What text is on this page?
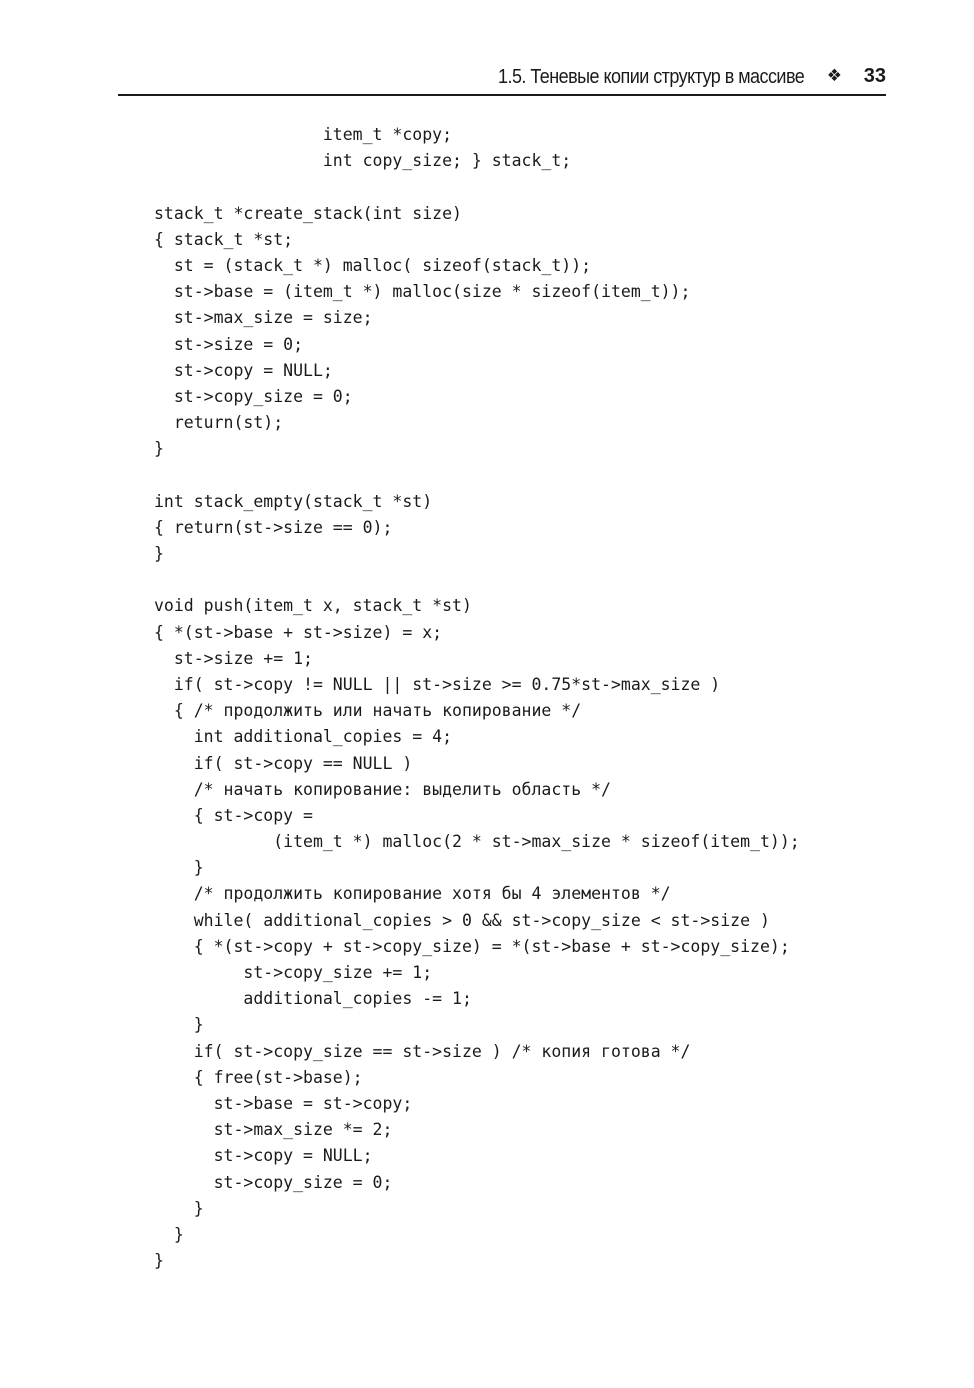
1.5. Теневые копии структур в массиве ❖ 33
item_t *copy;
int copy_size; } stack_t;
stack_t *create_stack(int size)
{ stack_t *st;
st = (stack_t *) malloc( sizeof(stack_t));
st->base = (item_t *) malloc(size * sizeof(item_t));
st->max_size = size;
st->size = 0;
st->copy = NULL;
st->copy_size = 0;
return(st);
}
int stack_empty(stack_t *st)
{ return(st->size == 0);
}
void push(item_t x, stack_t *st)
{ *(st->base + st->size) = x;
st->size += 1;
if( st->copy != NULL || st->size >= 0.75*st->max_size )
{ /* продолжить или начать копирование */
int additional_copies = 4;
if( st->copy == NULL )
/* начать копирование: выделить область */
{ st->copy =
(item_t *) malloc(2 * st->max_size * sizeof(item_t));
}
/* продолжить копирование хотя бы 4 элементов */
while( additional_copies > 0 && st->copy_size < st->size )
{ *(st->copy + st->copy_size) = *(st->base + st->copy_size);
st->copy_size += 1;
additional_copies -= 1;
}
if( st->copy_size == st->size ) /* копия готова */
{ free(st->base);
st->base = st->copy;
st->max_size *= 2;
st->copy = NULL;
st->copy_size = 0;
}
}
}
